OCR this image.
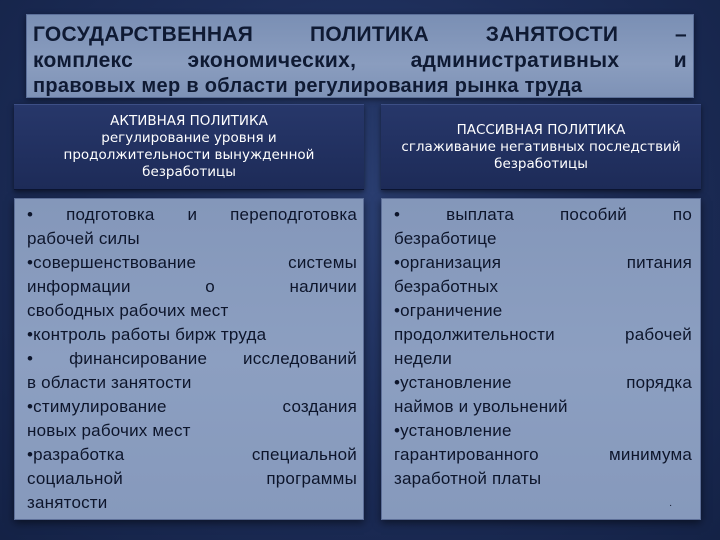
ГОСУДАРСТВЕННАЯ ПОЛИТИКА ЗАНЯТОСТИ –
комплекс экономических, административных и
правовых мер в области регулирования рынка труда
АКТИВНАЯ ПОЛИТИКА
регулирование уровня и
продолжительности вынужденной
безработицы
ПАССИВНАЯ ПОЛИТИКА
сглаживание негативных последствий
безработицы
• подготовка и переподготовка
рабочей силы
•совершенствование системы
информации о наличии
свободных рабочих мест
•контроль работы бирж труда
• финансирование исследований
в области занятости
•стимулирование создания
новых рабочих мест
•разработка специальной
социальной программы
занятости
• выплата пособий по
безработице
•организация питания
безработных
•ограничение
продолжительности рабочей
недели
•установление порядка
наймов и увольнений
•установление
гарантированного минимума
заработной платы
.
